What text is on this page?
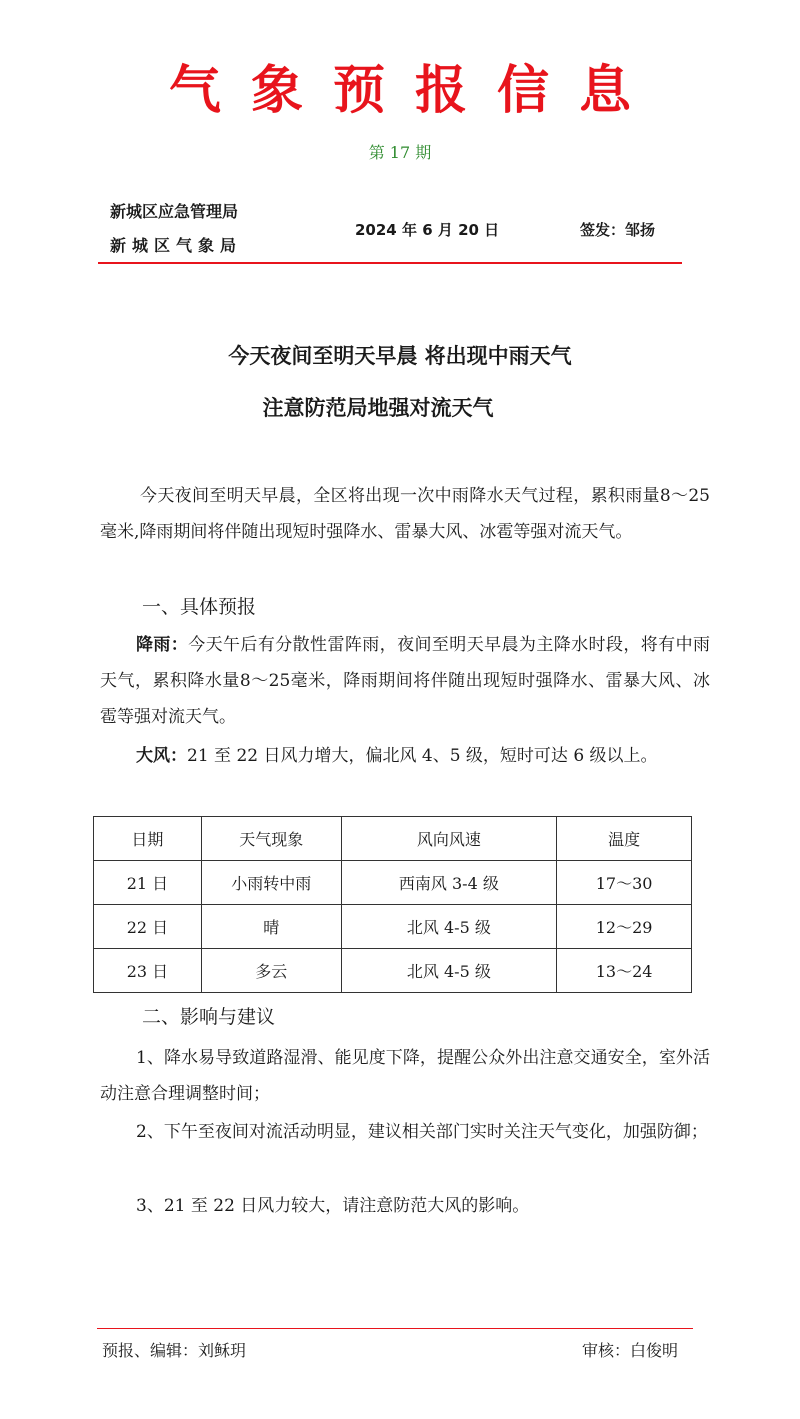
气象预报信息
第 17 期
新城区应急管理局
新城区气象局
2024 年 6 月 20 日	签发：邹扬
今天夜间至明天早晨 将出现中雨天气
注意防范局地强对流天气
今天夜间至明天早晨，全区将出现一次中雨降水天气过程，累积雨量8～25毫米,降雨期间将伴随出现短时强降水、雷暴大风、冰雹等强对流天气。
一、具体预报
降雨：今天午后有分散性雷阵雨，夜间至明天早晨为主降水时段，将有中雨天气，累积降水量8～25毫米，降雨期间将伴随出现短时强降水、雷暴大风、冰雹等强对流天气。
大风：21 至 22 日风力增大，偏北风 4、5 级，短时可达 6 级以上。
日期	天气现象	风向风速	温度
21 日	小雨转中雨	西南风 3-4 级	17～30
22 日	晴	北风 4-5 级	12～29
23 日	多云	北风 4-5 级	13～24
二、影响与建议
1、降水易导致道路湿滑、能见度下降，提醒公众外出注意交通安全，室外活动注意合理调整时间；
2、下午至夜间对流活动明显，建议相关部门实时关注天气变化，加强防御；
3、21 至 22 日风力较大，请注意防范大风的影响。
预报、编辑：刘稣玥	审核：白俊明
